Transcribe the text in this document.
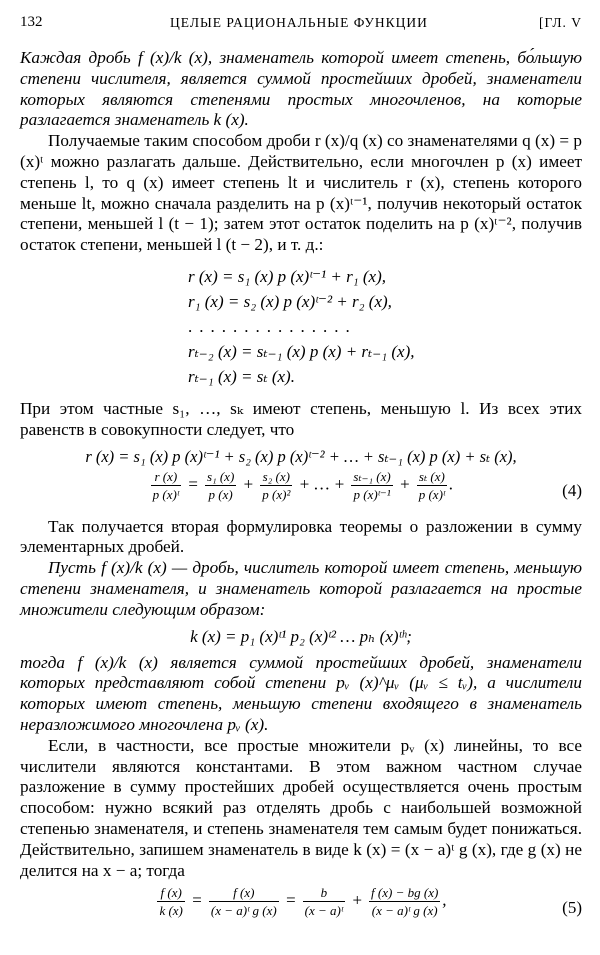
132	ЦЕЛЫЕ РАЦИОНАЛЬНЫЕ ФУНКЦИИ	[ГЛ. V

Каждая дробь f (x)/k (x), знаменатель которой имеет степень, бо́льшую степени числителя, является суммой простейших дробей, знаменатели которых являются степенями простых многочленов, на которые разлагается знаменатель k (x).

Получаемые таким способом дроби r (x)/q (x) со знаменателями q (x) = p (x)ᵗ можно разлагать дальше. Действительно, если многочлен p (x) имеет степень l, то q (x) имеет степень lt и числитель r (x), степень которого меньше lt, можно сначала разделить на p (x)ᵗ⁻¹, получив некоторый остаток степени, меньшей l (t − 1); затем этот остаток поделить на p (x)ᵗ⁻², получив остаток степени, меньшей l (t − 2), и т. д.:

r (x) = s₁ (x) p (x)ᵗ⁻¹ + r₁ (x),
r₁ (x) = s₂ (x) p (x)ᵗ⁻² + r₂ (x),
...............
rₜ₋₂ (x) = sₜ₋₁ (x) p (x) + rₜ₋₁ (x),
rₜ₋₁ (x) = sₜ (x).

При этом частные s₁, …, sₖ имеют степень, меньшую l. Из всех этих равенств в совокупности следует, что

r (x) = s₁ (x) p (x)ᵗ⁻¹ + s₂ (x) p (x)ᵗ⁻² + … + sₜ₋₁ (x) p (x) + sₜ (x),
$\frac{r (x)}{\text{p (x)ᵗ}} = \frac{\text{s₁ (x)}}{p (x)} + \frac{\text{s₂ (x)}}{\text{p (x)²}}$ + … + $\frac{\text{sₜ₋₁ (x)}}{\text{p (x)ᵗ⁻¹}} + \frac{\text{sₜ (x)}}{\text{p (x)ᵗ}}$ .	(4)

Так получается вторая формулировка теоремы о разложении в сумму элементарных дробей.

Пусть f (x)/k (x) — дробь, числитель которой имеет степень, меньшую степени знаменателя, и знаменатель которой разлагается на простые множители следующим образом:

k (x) = p₁ (x)ᵗ¹ p₂ (x)ᵗ² … pₕ (x)ᵗʰ;

тогда f (x)/k (x) является суммой простейших дробей, знаменатели которых представляют собой степени pᵥ (x)^μᵥ (μᵥ ≤ tᵥ), а числители которых имеют степень, меньшую степени входящего в знаменатель неразложимого многочлена pᵥ (x).

Если, в частности, все простые множители pᵥ (x) линейны, то все числители являются константами. В этом важном частном случае разложение в сумму простейших дробей осуществляется очень простым способом: нужно всякий раз отделять дробь с наибольшей возможной степенью знаменателя, и степень знаменателя тем самым будет понижаться. Действительно, запишем знаменатель в виде k (x) = (x − a)ᵗ g (x), где g (x) не делится на x − a; тогда

$\frac{f (x)}{k (x)} = \frac{f (x)}{\text{(x − a)ᵗ g (x)}} = \frac{b}{\text{(x − a)ᵗ}} + \frac{f (x) - bg (x)}{\text{(x − a)ᵗ g (x)}}$ ,	(5)
